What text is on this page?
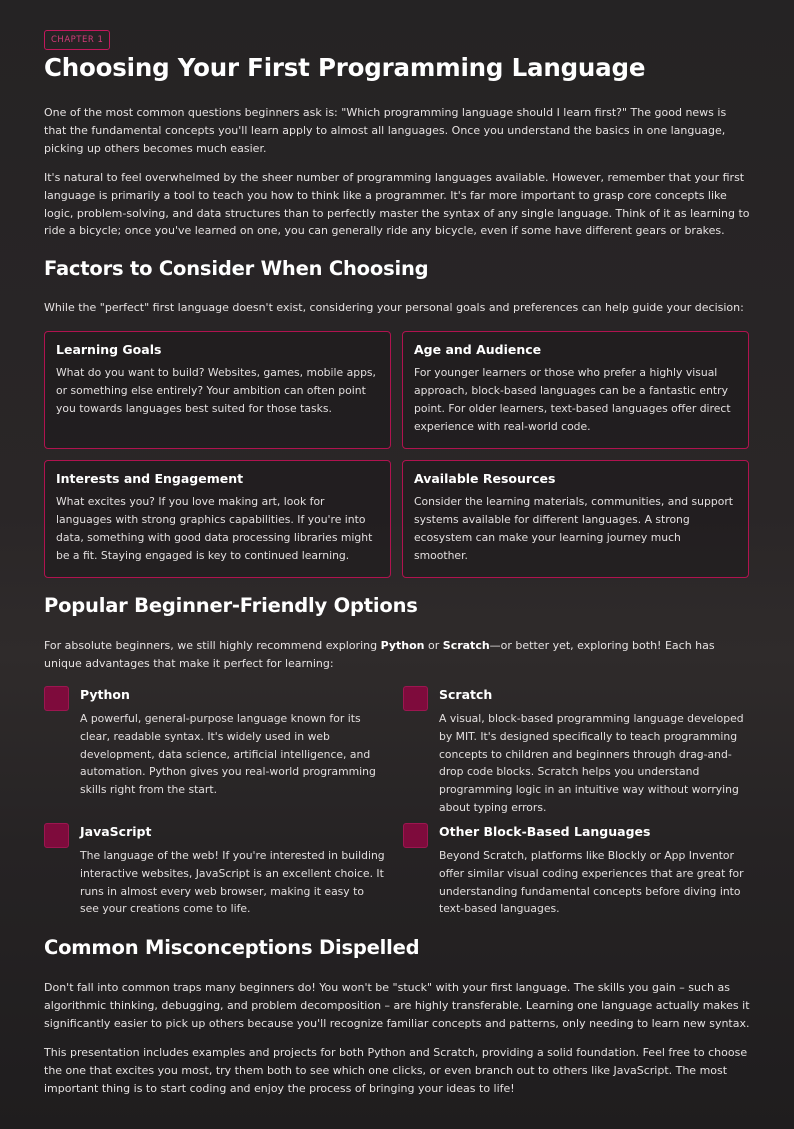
CHAPTER 1
Choosing Your First Programming Language

One of the most common questions beginners ask is: "Which programming language should I learn first?" The good news is that the fundamental concepts you'll learn apply to almost all languages. Once you understand the basics in one language, picking up others becomes much easier.

It's natural to feel overwhelmed by the sheer number of programming languages available. However, remember that your first language is primarily a tool to teach you how to think like a programmer. It's far more important to grasp core concepts like logic, problem-solving, and data structures than to perfectly master the syntax of any single language. Think of it as learning to ride a bicycle; once you've learned on one, you can generally ride any bicycle, even if some have different gears or brakes.

Factors to Consider When Choosing

While the "perfect" first language doesn't exist, considering your personal goals and preferences can help guide your decision:

Learning Goals
What do you want to build? Websites, games, mobile apps, or something else entirely? Your ambition can often point you towards languages best suited for those tasks.
Age and Audience
For younger learners or those who prefer a highly visual approach, block-based languages can be a fantastic entry point. For older learners, text-based languages offer direct experience with real-world code.
Interests and Engagement
What excites you? If you love making art, look for languages with strong graphics capabilities. If you're into data, something with good data processing libraries might be a fit. Staying engaged is key to continued learning.
Available Resources
Consider the learning materials, communities, and support systems available for different languages. A strong ecosystem can make your learning journey much smoother.
Popular Beginner-Friendly Options

For absolute beginners, we still highly recommend exploring Python or Scratch—or better yet, exploring both! Each has unique advantages that make it perfect for learning:

Python
A powerful, general-purpose language known for its clear, readable syntax. It's widely used in web development, data science, artificial intelligence, and automation. Python gives you real-world programming skills right from the start.
Scratch
A visual, block-based programming language developed by MIT. It's designed specifically to teach programming concepts to children and beginners through drag-and-drop code blocks. Scratch helps you understand programming logic in an intuitive way without worrying about typing errors.
JavaScript
The language of the web! If you're interested in building interactive websites, JavaScript is an excellent choice. It runs in almost every web browser, making it easy to see your creations come to life.
Other Block-Based Languages
Beyond Scratch, platforms like Blockly or App Inventor offer similar visual coding experiences that are great for understanding fundamental concepts before diving into text-based languages.
Common Misconceptions Dispelled

Don't fall into common traps many beginners do! You won't be "stuck" with your first language. The skills you gain – such as algorithmic thinking, debugging, and problem decomposition – are highly transferable. Learning one language actually makes it significantly easier to pick up others because you'll recognize familiar concepts and patterns, only needing to learn new syntax.

This presentation includes examples and projects for both Python and Scratch, providing a solid foundation. Feel free to choose the one that excites you most, try them both to see which one clicks, or even branch out to others like JavaScript. The most important thing is to start coding and enjoy the process of bringing your ideas to life!
